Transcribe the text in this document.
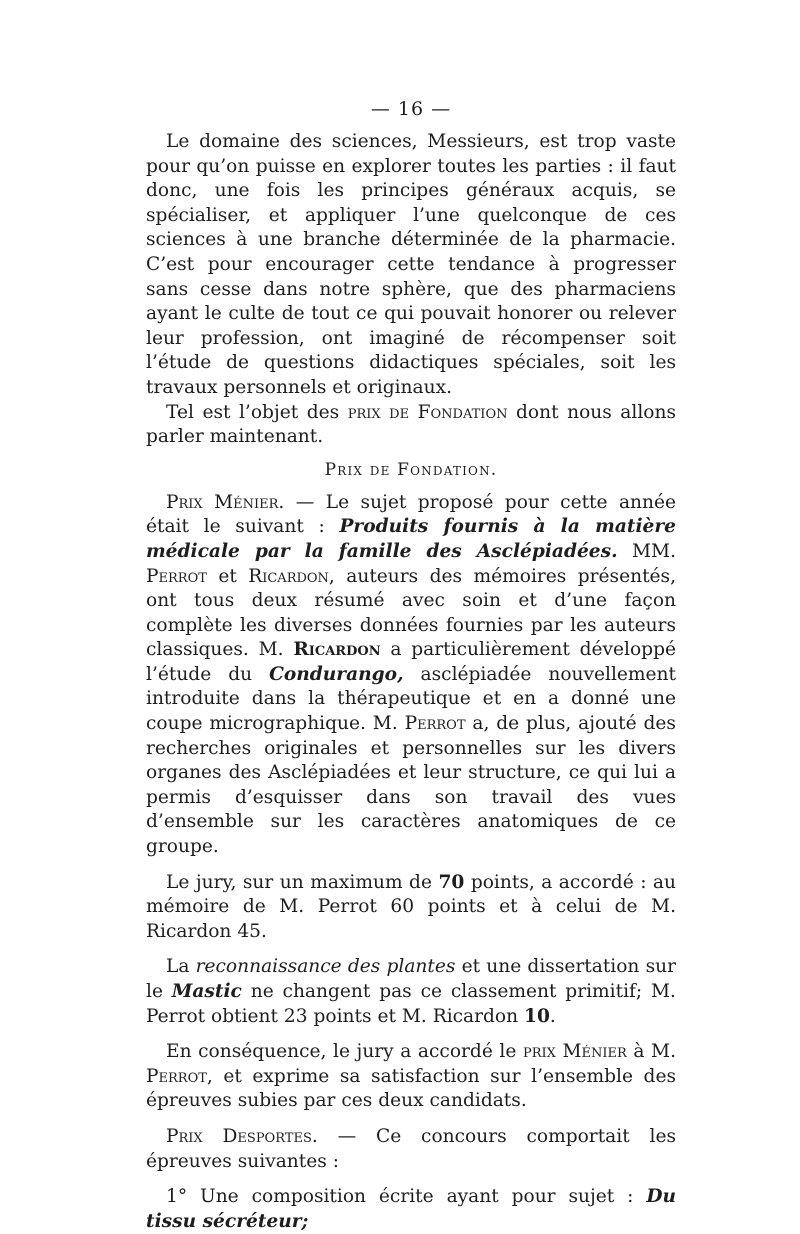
— 16 —

Le domaine des sciences, Messieurs, est trop vaste pour qu’on puisse en explorer toutes les parties : il faut donc, une fois les principes généraux acquis, se spécialiser, et appliquer l’une quelconque de ces sciences à une branche déterminée de la pharmacie. C’est pour encourager cette tendance à progresser sans cesse dans notre sphère, que des pharmaciens ayant le culte de tout ce qui pouvait honorer ou relever leur profession, ont imaginé de récompenser soit l’étude de questions didactiques spéciales, soit les travaux personnels et originaux.

Tel est l’objet des prix de Fondation dont nous allons parler maintenant.

Prix de Fondation.

Prix Ménier. — Le sujet proposé pour cette année était le suivant : Produits fournis à la matière médicale par la famille des Asclépiadées. MM. Perrot et Ricardon, auteurs des mémoires présentés, ont tous deux résumé avec soin et d’une façon complète les diverses données fournies par les auteurs classiques. M. Ricardon a particulièrement développé l’étude du Condurango, asclépiadée nouvellement introduite dans la thérapeutique et en a donné une coupe micrographique. M. Perrot a, de plus, ajouté des recherches originales et personnelles sur les divers organes des Asclépiadées et leur structure, ce qui lui a permis d’esquisser dans son travail des vues d’ensemble sur les caractères anatomiques de ce groupe.

Le jury, sur un maximum de 70 points, a accordé : au mémoire de M. Perrot 60 points et à celui de M. Ricardon 45.

La reconnaissance des plantes et une dissertation sur le Mastic ne changent pas ce classement primitif; M. Perrot obtient 23 points et M. Ricardon 10.

En conséquence, le jury a accordé le prix Ménier à M. Perrot, et exprime sa satisfaction sur l’ensemble des épreuves subies par ces deux candidats.

Prix Desportes. — Ce concours comportait les épreuves suivantes :

1° Une composition écrite ayant pour sujet : Du tissu sécréteur;
